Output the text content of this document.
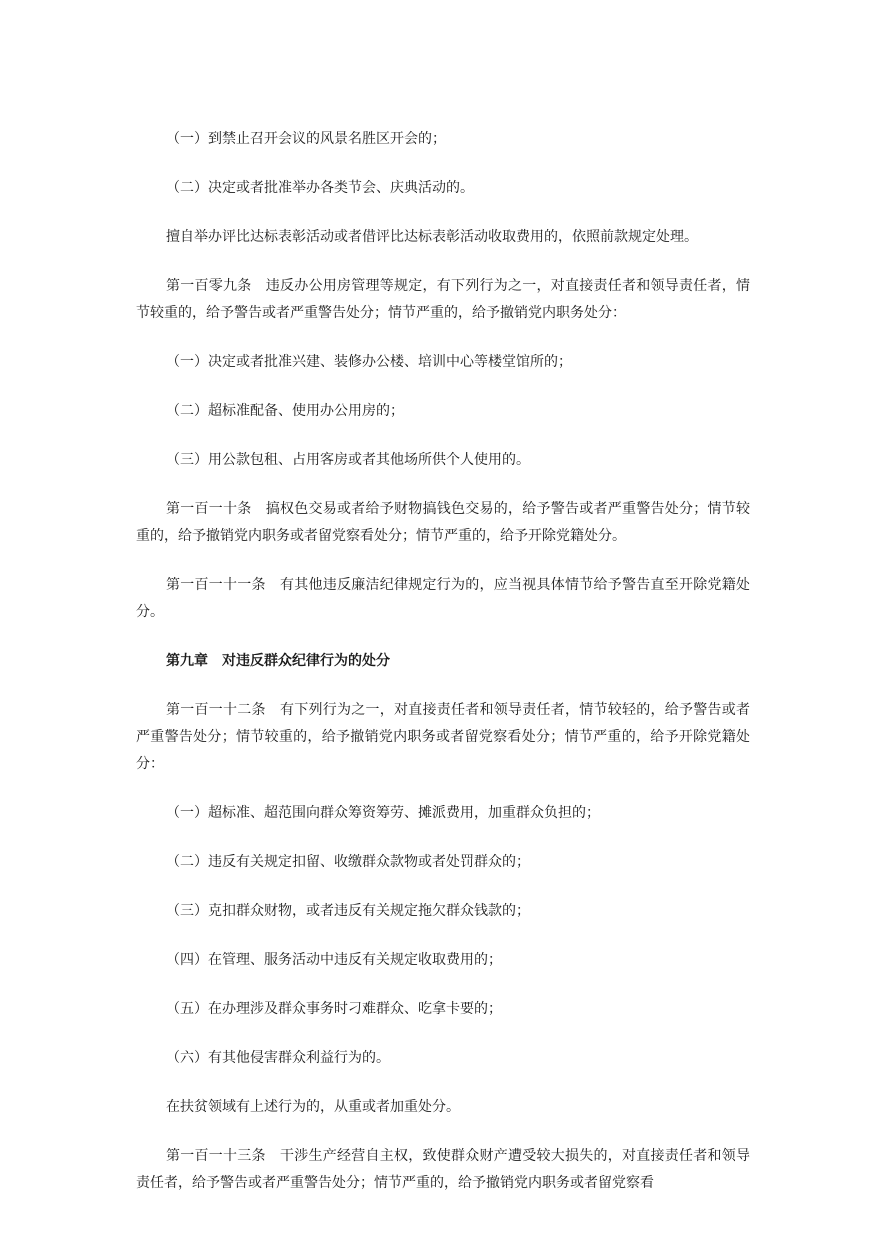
（一）到禁止召开会议的风景名胜区开会的；

（二）决定或者批准举办各类节会、庆典活动的。

擅自举办评比达标表彰活动或者借评比达标表彰活动收取费用的，依照前款规定处理。

第一百零九条　违反办公用房管理等规定，有下列行为之一，对直接责任者和领导责任者，情节较重的，给予警告或者严重警告处分；情节严重的，给予撤销党内职务处分：

（一）决定或者批准兴建、装修办公楼、培训中心等楼堂馆所的；

（二）超标准配备、使用办公用房的；

（三）用公款包租、占用客房或者其他场所供个人使用的。

第一百一十条　搞权色交易或者给予财物搞钱色交易的，给予警告或者严重警告处分；情节较重的，给予撤销党内职务或者留党察看处分；情节严重的，给予开除党籍处分。

第一百一十一条　有其他违反廉洁纪律规定行为的，应当视具体情节给予警告直至开除党籍处分。

第九章　对违反群众纪律行为的处分

第一百一十二条　有下列行为之一，对直接责任者和领导责任者，情节较轻的，给予警告或者严重警告处分；情节较重的，给予撤销党内职务或者留党察看处分；情节严重的，给予开除党籍处分：

（一）超标准、超范围向群众筹资筹劳、摊派费用，加重群众负担的；

（二）违反有关规定扣留、收缴群众款物或者处罚群众的；

（三）克扣群众财物，或者违反有关规定拖欠群众钱款的；

（四）在管理、服务活动中违反有关规定收取费用的；

（五）在办理涉及群众事务时刁难群众、吃拿卡要的；

（六）有其他侵害群众利益行为的。

在扶贫领域有上述行为的，从重或者加重处分。

第一百一十三条　干涉生产经营自主权，致使群众财产遭受较大损失的，对直接责任者和领导责任者，给予警告或者严重警告处分；情节严重的，给予撤销党内职务或者留党察看
